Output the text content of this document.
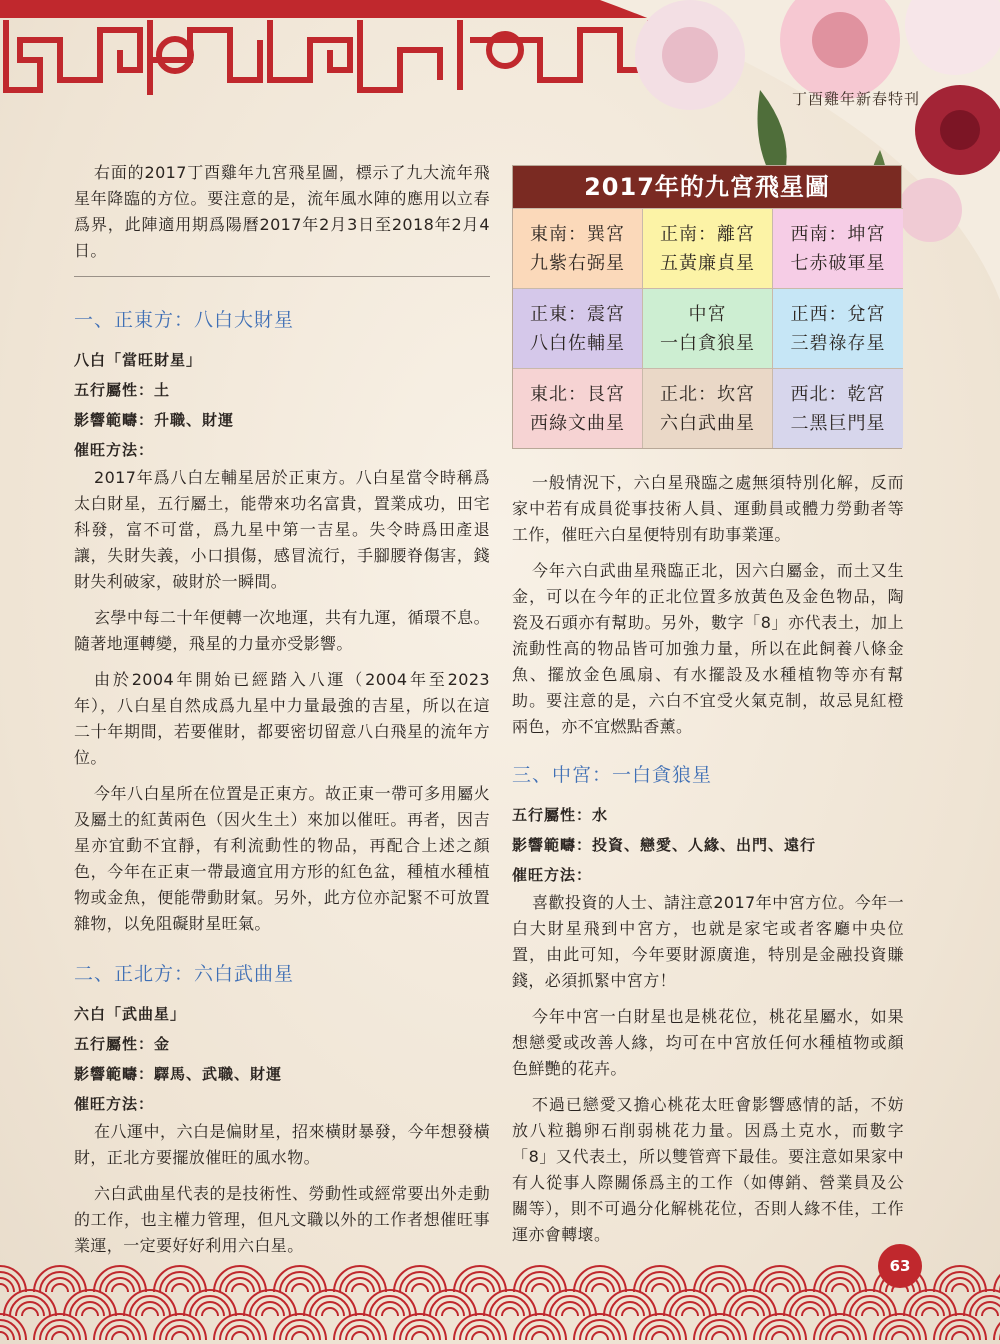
丁酉雞年新春特刊

右面的2017丁酉雞年九宮飛星圖，標示了九大流年飛星年降臨的方位。要注意的是，流年風水陣的應用以立春爲界，此陣適用期爲陽曆2017年2月3日至2018年2月4日。

一、正東方：八白大財星
八白「當旺財星」
五行屬性：土
影響範疇：升職、財運
催旺方法：

2017年爲八白左輔星居於正東方。八白星當令時稱爲太白財星，五行屬土，能帶來功名富貴，置業成功，田宅科發，富不可當，爲九星中第一吉星。失令時爲田產退讓，失財失義，小口損傷，感冒流行，手腳腰脊傷害，錢財失利破家，破財於一瞬間。

玄學中每二十年便轉一次地運，共有九運，循環不息。隨著地運轉變，飛星的力量亦受影響。

由於2004年開始已經踏入八運（2004年至2023年），八白星自然成爲九星中力量最強的吉星，所以在這二十年期間，若要催財，都要密切留意八白飛星的流年方位。

今年八白星所在位置是正東方。故正東一帶可多用屬火及屬土的紅黃兩色（因火生土）來加以催旺。再者，因吉星亦宜動不宜靜，有利流動性的物品，再配合上述之顏色，今年在正東一帶最適宜用方形的紅色盆，種植水種植物或金魚，便能帶動財氣。另外，此方位亦記緊不可放置雜物，以免阻礙財星旺氣。

二、正北方：六白武曲星
六白「武曲星」
五行屬性：金
影響範疇：驛馬、武職、財運
催旺方法：

在八運中，六白是偏財星，招來橫財暴發，今年想發橫財，正北方要擺放催旺的風水物。

六白武曲星代表的是技術性、勞動性或經常要出外走動的工作，也主權力管理，但凡文職以外的工作者想催旺事業運，一定要好好利用六白星。

2017年的九宮飛星圖
東南：巽宮
九紫右弼星
正南：離宮
五黃廉貞星
西南：坤宮
七赤破軍星
正東：震宮
八白佐輔星
中宮
一白貪狼星
正西：兌宮
三碧祿存星
東北：艮宮
西綠文曲星
正北：坎宮
六白武曲星
西北：乾宮
二黑巨門星

一般情況下，六白星飛臨之處無須特別化解，反而家中若有成員從事技術人員、運動員或體力勞動者等工作，催旺六白星便特別有助事業運。

今年六白武曲星飛臨正北，因六白屬金，而土又生金，可以在今年的正北位置多放黃色及金色物品，陶瓷及石頭亦有幫助。另外，數字「8」亦代表土，加上流動性高的物品皆可加強力量，所以在此飼養八條金魚、擺放金色風扇、有水擺設及水種植物等亦有幫助。要注意的是，六白不宜受火氣克制，故忌見紅橙兩色，亦不宜燃點香薰。

三、中宮：一白貪狼星
五行屬性：水
影響範疇：投資、戀愛、人緣、出門、遠行
催旺方法：

喜歡投資的人士、請注意2017年中宮方位。今年一白大財星飛到中宮方，也就是家宅或者客廳中央位置，由此可知，今年要財源廣進，特別是金融投資賺錢，必須抓緊中宮方！

今年中宮一白財星也是桃花位，桃花星屬水，如果想戀愛或改善人緣，均可在中宮放任何水種植物或顏色鮮艷的花卉。

不過已戀愛又擔心桃花太旺會影響感情的話，不妨放八粒鵝卵石削弱桃花力量。因爲土克水，而數字「8」又代表土，所以雙管齊下最佳。要注意如果家中有人從事人際關係爲主的工作（如傳銷、營業員及公關等），則不可過分化解桃花位，否則人緣不佳，工作運亦會轉壞。

63
